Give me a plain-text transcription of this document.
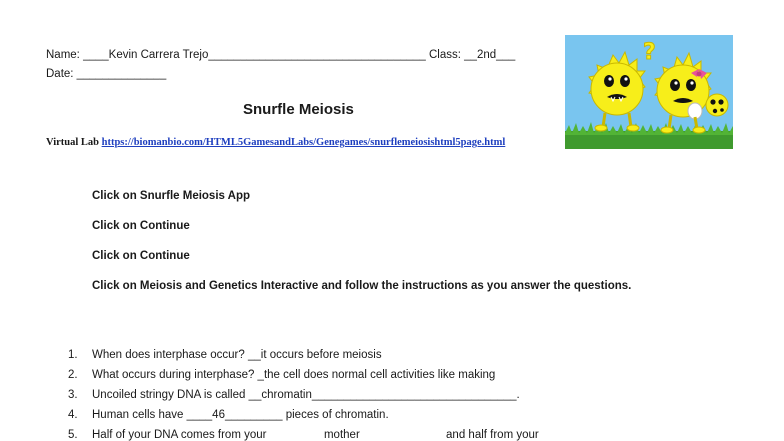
Name: ____Kevin Carrera Trejo__________________________________ Class: __2nd___
Date: ______________
Snurfle Meiosis
Virtual Lab https://biomanbio.com/HTML5GamesandLabs/Genegames/snurflemeiosishtml5page.html
Click on Snurfle Meiosis App
Click on Continue
Click on Continue
Click on Meiosis and Genetics Interactive and follow the instructions as you answer the questions.
1. When does interphase occur? __it occurs before meiosis
2. What occurs during interphase? _the cell does normal cell activities like making
3. Uncoiled stringy DNA is called __chromatin________________________________.
4. Human cells have ____46_________ pieces of chromatin.
5. Half of your DNA comes from your                  mother                           and half from your
?
